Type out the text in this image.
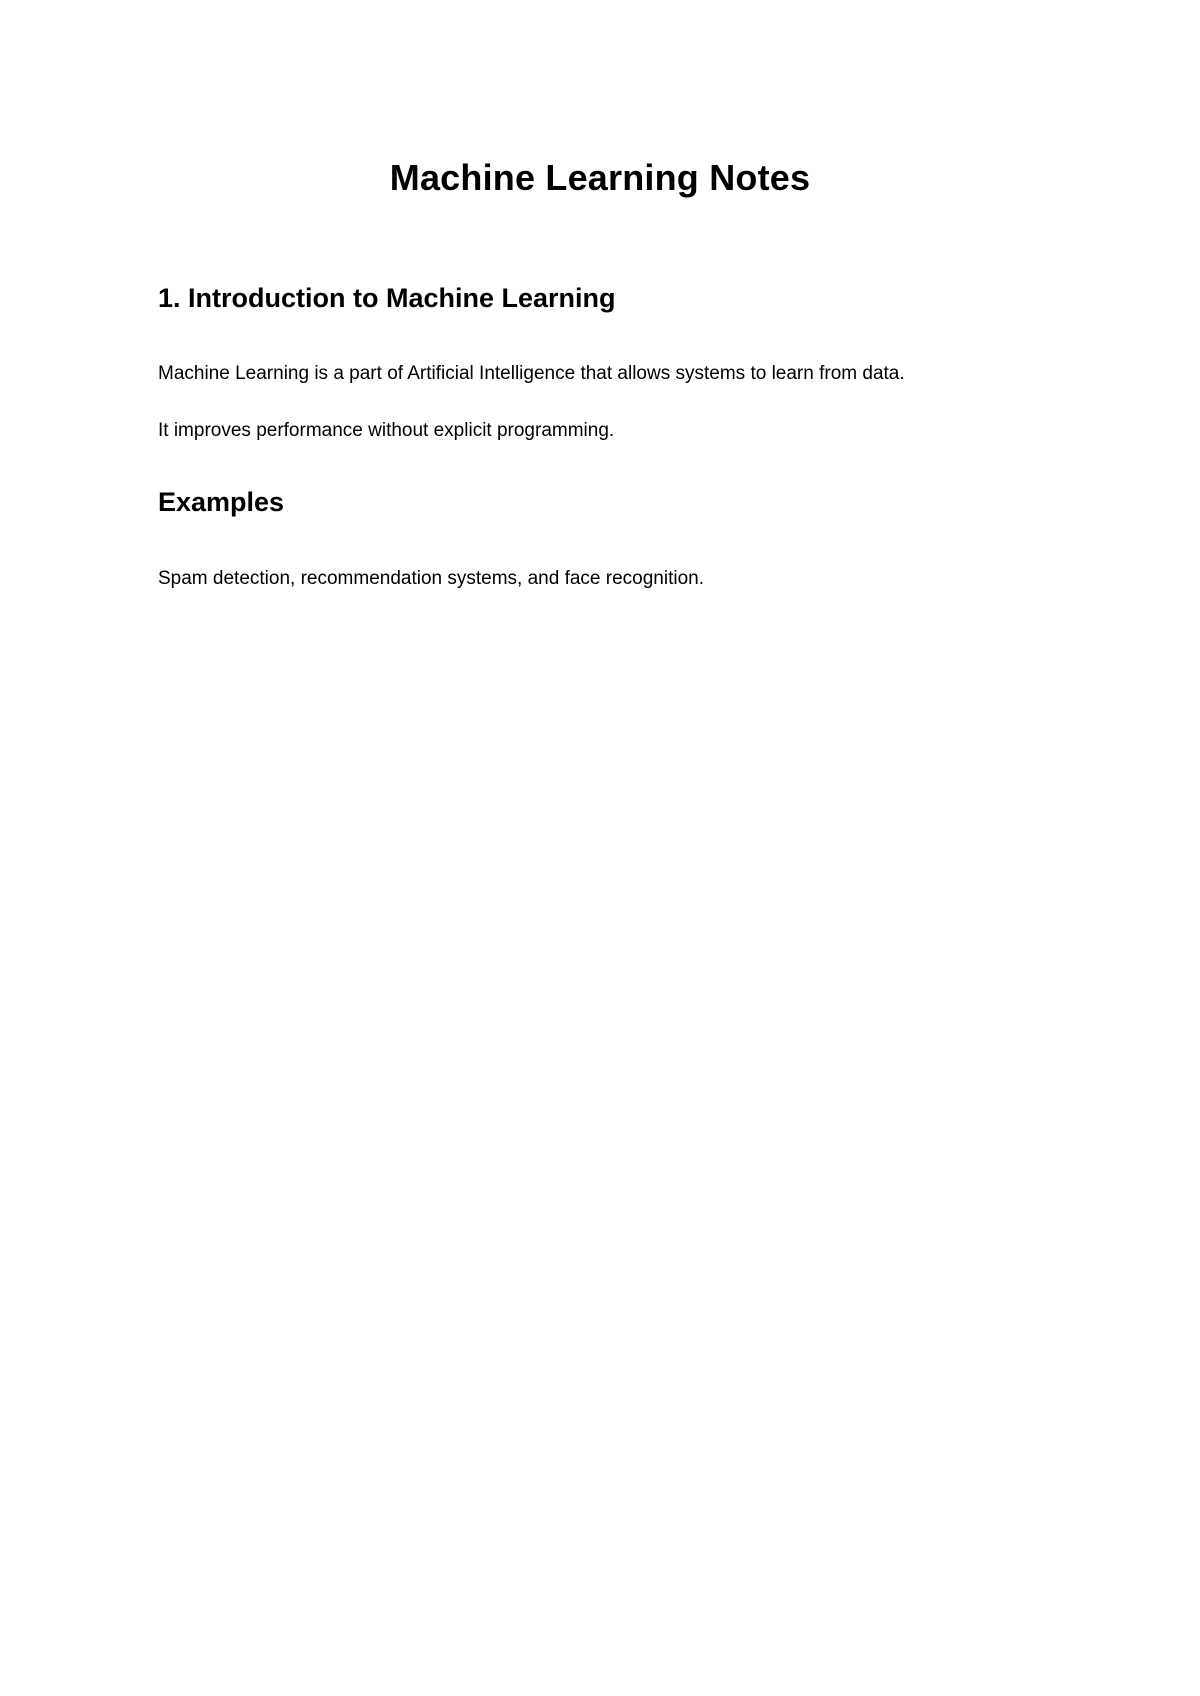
Machine Learning Notes
1. Introduction to Machine Learning

Machine Learning is a part of Artificial Intelligence that allows systems to learn from data.

It improves performance without explicit programming.

Examples

Spam detection, recommendation systems, and face recognition.
